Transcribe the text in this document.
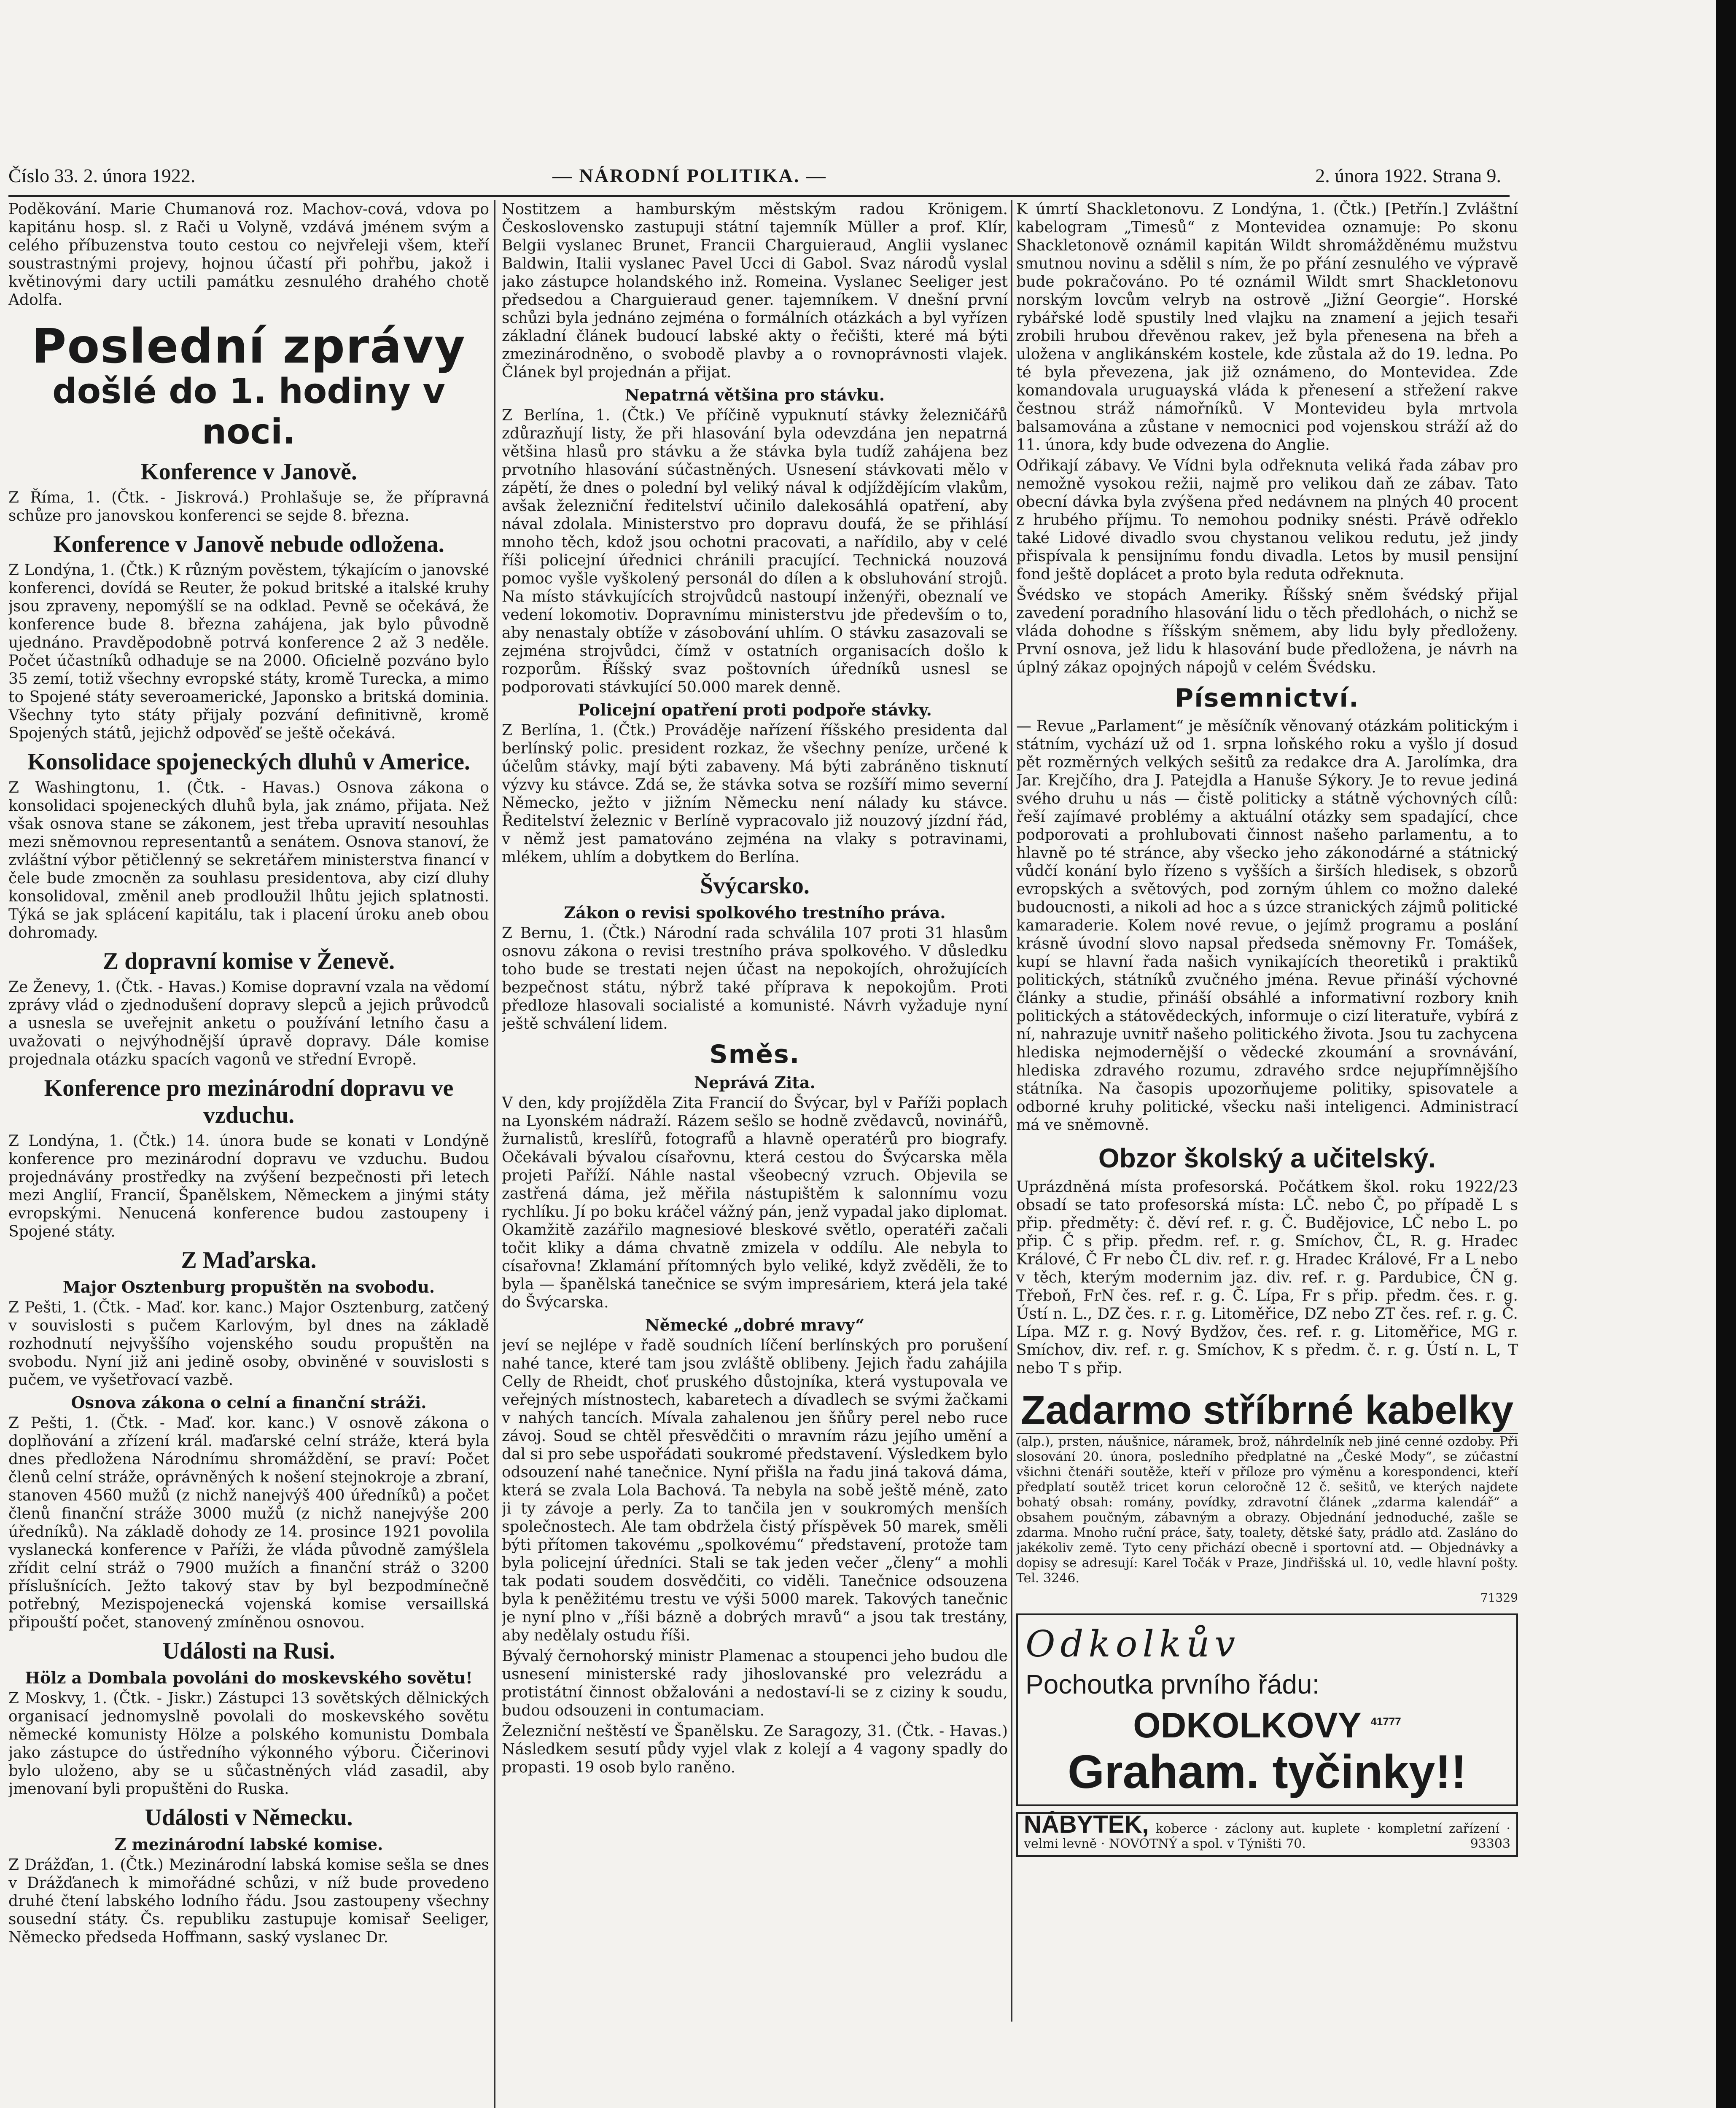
Číslo 33. 2. února 1922.	— NÁRODNÍ POLITIKA. —	2. února 1922. Strana 9.

Poděkování. Marie Chumanová roz. Machov-cová, vdova po kapitánu hosp. sl. z Rači u Volyně, vzdává jménem svým a celého příbuzenstva touto cestou co nejvřeleji všem, kteří soustrastnými projevy, hojnou účastí při pohřbu, jakož i květinovými dary uctili památku zesnulého drahého chotě Adolfa.

Poslední zprávy
došlé do 1. hodiny v noci.
Konference v Janově.

Z Říma, 1. (Čtk. - Jiskrová.) Prohlašuje se, že přípravná schůze pro janovskou konferenci se sejde 8. března.

Konference v Janově nebude odložena.

Z Londýna, 1. (Čtk.) K různým pověstem, týkajícím o janovské konferenci, dovídá se Reuter, že pokud britské a italské kruhy jsou zpraveny, nepomýšlí se na odklad. Pevně se očekává, že konference bude 8. března zahájena, jak bylo původně ujednáno. Pravděpodobně potrvá konference 2 až 3 neděle. Počet účastníků odhaduje se na 2000. Oficielně pozváno bylo 35 zemí, totiž všechny evropské státy, kromě Turecka, a mimo to Spojené státy severoamerické, Japonsko a britská dominia. Všechny tyto státy přijaly pozvání definitivně, kromě Spojených států, jejichž odpověď se ještě očekává.

Konsolidace spojeneckých dluhů v Americe.

Z Washingtonu, 1. (Čtk. - Havas.) Osnova zákona o konsolidaci spojeneckých dluhů byla, jak známo, přijata. Než však osnova stane se zákonem, jest třeba upravití nesouhlas mezi sněmovnou representantů a senátem. Osnova stanoví, že zvláštní výbor pětičlenný se sekretářem ministerstva financí v čele bude zmocněn za souhlasu presidentova, aby cizí dluhy konsolidoval, změnil aneb prodloužil lhůtu jejich splatnosti. Týká se jak splácení kapitálu, tak i placení úroku aneb obou dohromady.

Z dopravní komise v Ženevě.

Ze Ženevy, 1. (Čtk. - Havas.) Komise dopravní vzala na vědomí zprávy vlád o zjednodušení dopravy slepců a jejich průvodců a usnesla se uveřejnit anketu o používání letního času a uvažovati o nejvýhodnější úpravě dopravy. Dále komise projednala otázku spacích vagonů ve střední Evropě.

Konference pro mezinárodní dopravu ve vzduchu.

Z Londýna, 1. (Čtk.) 14. února bude se konati v Londýně konference pro mezinárodní dopravu ve vzduchu. Budou projednávány prostředky na zvýšení bezpečnosti při letech mezi Anglií, Francií, Španělskem, Německem a jinými státy evropskými. Nenucená konference budou zastoupeny i Spojené státy.

Z Maďarska.
Major Osztenburg propuštěn na svobodu.

Z Pešti, 1. (Čtk. - Maď. kor. kanc.) Major Osztenburg, zatčený v souvislosti s pučem Karlovým, byl dnes na základě rozhodnutí nejvyššího vojenského soudu propuštěn na svobodu. Nyní již ani jedině osoby, obviněné v souvislosti s pučem, ve vyšetřovací vazbě.

Osnova zákona o celní a finanční stráži.

Z Pešti, 1. (Čtk. - Maď. kor. kanc.) V osnově zákona o doplňování a zřízení král. maďarské celní stráže, která byla dnes předložena Národnímu shromáždění, se praví: Počet členů celní stráže, oprávněných k nošení stejnokroje a zbraní, stanoven 4560 mužů (z nichž nanejvýš 400 úředníků) a počet členů finanční stráže 3000 mužů (z nichž nanejvýše 200 úředníků). Na základě dohody ze 14. prosince 1921 povolila vyslanecká konference v Paříži, že vláda původně zamýšlela zřídit celní stráž o 7900 mužích a finanční stráž o 3200 příslušnících. Ježto takový stav by byl bezpodmínečně potřebný, Mezispojenecká vojenská komise versaillská připouští počet, stanovený zmíněnou osnovou.

Události na Rusi.
Hölz a Dombala povoláni do moskevského sovětu!

Z Moskvy, 1. (Čtk. - Jiskr.) Zástupci 13 sovětských dělnických organisací jednomyslně povolali do moskevského sovětu německé komunisty Hölze a polského komunistu Dombala jako zástupce do ústředního výkonného výboru. Čičerinovi bylo uloženo, aby se u sůčastněných vlád zasadil, aby jmenovaní byli propuštěni do Ruska.

Události v Německu.
Z mezinárodní labské komise.

Z Drážďan, 1. (Čtk.) Mezinárodní labská komise sešla se dnes v Drážďanech k mimořádné schůzi, v níž bude provedeno druhé čtení labského lodního řádu. Jsou zastoupeny všechny sousední státy. Čs. republiku zastupuje komisař Seeliger, Německo předseda Hoffmann, saský vyslanec Dr.

Nostitzem a hamburským městským radou Krönigem. Československo zastupuji státní tajemník Müller a prof. Klír, Belgii vyslanec Brunet, Francii Charguieraud, Anglii vyslanec Baldwin, Italii vyslanec Pavel Ucci di Gabol. Svaz národů vyslal jako zástupce holandského inž. Romeina. Vyslanec Seeliger jest předsedou a Charguieraud gener. tajemníkem. V dnešní první schůzi byla jednáno zejména o formálních otázkách a byl vyřízen základní článek budoucí labské akty o řečišti, které má býti zmezinárodněno, o svobodě plavby a o rovnoprávnosti vlajek. Článek byl projednán a přijat.

Nepatrná většina pro stávku.

Z Berlína, 1. (Čtk.) Ve příčině vypuknutí stávky železničářů zdůrazňují listy, že při hlasování byla odevzdána jen nepatrná většina hlasů pro stávku a že stávka byla tudíž zahájena bez prvotního hlasování súčastněných. Usnesení stávkovati mělo v zápětí, že dnes o polední byl veliký nával k odjíždějícím vlakům, avšak železniční ředitelství učinilo dalekosáhlá opatření, aby nával zdolala. Ministerstvo pro dopravu doufá, že se přihlásí mnoho těch, kdož jsou ochotni pracovati, a nařídilo, aby v celé říši policejní úřednici chránili pracující. Technická nouzová pomoc vyšle vyškolený personál do dílen a k obsluhování strojů. Na místo stávkujících strojvůdců nastoupí inženýři, obeznalí ve vedení lokomotiv. Dopravnímu ministerstvu jde především o to, aby nenastaly obtíže v zásobování uhlím. O stávku zasazovali se zejména strojvůdci, čímž v ostatních organisacích došlo k rozporům. Říšský svaz poštovních úředníků usnesl se podporovati stávkující 50.000 marek denně.

Policejní opatření proti podpoře stávky.

Z Berlína, 1. (Čtk.) Prováděje nařízení říšského presidenta dal berlínský polic. president rozkaz, že všechny peníze, určené k účelům stávky, mají býti zabaveny. Má býti zabráněno tisknutí výzvy ku stávce. Zdá se, že stávka sotva se rozšíří mimo severní Německo, ježto v jižním Německu není nálady ku stávce. Ředitelství železnic v Berlíně vypracovalo již nouzový jízdní řád, v němž jest pamatováno zejména na vlaky s potravinami, mlékem, uhlím a dobytkem do Berlína.

Švýcarsko.
Zákon o revisi spolkového trestního práva.

Z Bernu, 1. (Čtk.) Národní rada schválila 107 proti 31 hlasům osnovu zákona o revisi trestního práva spolkového. V důsledku toho bude se trestati nejen účast na nepokojích, ohrožujících bezpečnost státu, nýbrž také příprava k nepokojům. Proti předloze hlasovali socialisté a komunisté. Návrh vyžaduje nyní ještě schválení lidem.

Směs.
Neprává Zita.

V den, kdy projížděla Zita Francií do Švýcar, byl v Paříži poplach na Lyonském nádraží. Rázem sešlo se hodně zvědavců, novinářů, žurnalistů, kreslířů, fotografů a hlavně operatérů pro biografy. Očekávali bývalou císařovnu, která cestou do Švýcarska měla projeti Paříží. Náhle nastal všeobecný vzruch. Objevila se zastřená dáma, jež měřila nástupištěm k salonnímu vozu rychlíku. Jí po boku kráčel vážný pán, jenž vypadal jako diplomat. Okamžitě zazářilo magnesiové bleskové světlo, operatéři začali točit kliky a dáma chvatně zmizela v oddílu. Ale nebyla to císařovna! Zklamání přítomných bylo veliké, když zvěděli, že to byla — španělská tanečnice se svým impresáriem, která jela také do Švýcarska.

Německé „dobré mravy“

jeví se nejlépe v řadě soudních líčení berlínských pro porušení nahé tance, které tam jsou zvláště oblibeny. Jejich řadu zahájila Celly de Rheidt, choť pruského důstojníka, která vystupovala ve veřejných místnostech, kabaretech a dívadlech se svými žačkami v nahých tancích. Mívala zahalenou jen šňůry perel nebo ruce závoj. Soud se chtěl přesvědčiti o mravním rázu jejího umění a dal si pro sebe uspořádati soukromé představení. Výsledkem bylo odsouzení nahé tanečnice. Nyní přišla na řadu jiná taková dáma, která se zvala Lola Bachová. Ta nebyla na sobě ještě méně, zato ji ty závoje a perly. Za to tančila jen v soukromých menších společnostech. Ale tam obdržela čistý příspěvek 50 marek, směli býti přítomen takovému „spolkovému“ představení, protože tam byla policejní úředníci. Stali se tak jeden večer „členy“ a mohli tak podati soudem dosvědčiti, co viděli. Tanečnice odsouzena byla k peněžitému trestu ve výši 5000 marek. Takových tanečnic je nyní plno v „říši bázně a dobrých mravů“ a jsou tak trestány, aby nedělaly ostudu říši.

Bývalý černohorský ministr Plamenac a stoupenci jeho budou dle usnesení ministerské rady jihoslovanské pro velezrádu a protistátní činnost obžalováni a nedostaví-li se z ciziny k soudu, budou odsouzeni in contumaciam.

Železniční neštěstí ve Španělsku. Ze Saragozy, 31. (Čtk. - Havas.) Následkem sesutí půdy vyjel vlak z kolejí a 4 vagony spadly do propasti. 19 osob bylo raněno.

K úmrtí Shackletonovu. Z Londýna, 1. (Čtk.) [Petřín.] Zvláštní kabelogram „Timesů“ z Montevidea oznamuje: Po skonu Shackletonově oznámil kapitán Wildt shromážděnému mužstvu smutnou novinu a sdělil s ním, že po přání zesnulého ve výpravě bude pokračováno. Po té oznámil Wildt smrt Shackletonovu norským lovcům velryb na ostrově „Jižní Georgie“. Horské rybářské lodě spustily lned vlajku na znamení a jejich tesaři zrobili hrubou dřevěnou rakev, jež byla přenesena na břeh a uložena v anglikánském kostele, kde zůstala až do 19. ledna. Po té byla převezena, jak již oznámeno, do Montevidea. Zde komandovala uruguayská vláda k přenesení a střežení rakve čestnou stráž námořníků. V Montevideu byla mrtvola balsamována a zůstane v nemocnici pod vojenskou stráží až do 11. února, kdy bude odvezena do Anglie.

Odřikají zábavy. Ve Vídni byla odřeknuta veliká řada zábav pro nemožně vysokou režii, najmě pro velikou daň ze zábav. Tato obecní dávka byla zvýšena před nedávnem na plných 40 procent z hrubého příjmu. To nemohou podniky snésti. Právě odřeklo také Lidové divadlo svou chystanou velikou redutu, jež jindy přispívala k pensijnímu fondu divadla. Letos by musil pensijní fond ještě doplácet a proto byla reduta odřeknuta.

Švédsko ve stopách Ameriky. Říšský sněm švédský přijal zavedení poradního hlasování lidu o těch předlohách, o nichž se vláda dohodne s říšským sněmem, aby lidu byly předloženy. První osnova, jež lidu k hlasování bude předložena, je návrh na úplný zákaz opojných nápojů v celém Švédsku.

Písemnictví.

— Revue „Parlament“ je měsíčník věnovaný otázkám politickým i státním, vychází už od 1. srpna loňského roku a vyšlo jí dosud pět rozměrných velkých sešitů za redakce dra A. Jarolímka, dra Jar. Krejčího, dra J. Patejdla a Hanuše Sýkory. Je to revue jediná svého druhu u nás — čistě politicky a státně výchovných cílů: řeší zajímavé problémy a aktuální otázky sem spadající, chce podporovati a prohlubovati činnost našeho parlamentu, a to hlavně po té stránce, aby všecko jeho zákonodárné a státnický vůdčí konání bylo řízeno s vyšších a širších hledisek, s obzorů evropských a světových, pod zorným úhlem co možno daleké budoucnosti, a nikoli ad hoc a s úzce stranických zájmů politické kamaraderie. Kolem nové revue, o jejímž programu a poslání krásně úvodní slovo napsal předseda sněmovny Fr. Tomášek, kupí se hlavní řada našich vynikajících theoretiků i praktiků politických, státníků zvučného jména. Revue přináší výchovné články a studie, přináší obsáhlé a informativní rozbory knih politických a státovědeckých, informuje o cizí literatuře, vybírá z ní, nahrazuje uvnitř našeho politického života. Jsou tu zachycena hlediska nejmodernější o vědecké zkoumání a srovnávání, hlediska zdravého rozumu, zdravého srdce nejupřímnějšího státníka. Na časopis upozorňujeme politiky, spisovatele a odborné kruhy politické, všecku naši inteligenci. Administrací má ve sněmovně.

Obzor školský a učitelský.

Uprázdněná místa profesorská. Počátkem škol. roku 1922/23 obsadí se tato profesorská místa: LČ. nebo Č, po případě L s přip. předměty: č. děví ref. r. g. Č. Budějovice, LČ nebo L. po přip. Č s přip. předm. ref. r. g. Smíchov, ČL, R. g. Hradec Králové, Č Fr nebo ČL div. ref. r. g. Hradec Králové, Fr a L nebo v těch, kterým modernim jaz. div. ref. r. g. Pardubice, ČN g. Třeboň, FrN čes. ref. r. g. Č. Lípa, Fr s přip. předm. čes. r. g. Ústí n. L., DZ čes. r. r. g. Litoměřice, DZ nebo ZT čes. ref. r. g. Č. Lípa. MZ r. g. Nový Bydžov, čes. ref. r. g. Litoměřice, MG r. Smíchov, div. ref. r. g. Smíchov, K s předm. č. r. g. Ústí n. L, T nebo T s přip.

Zadarmo stříbrné kabelky

(alp.), prsten, náušnice, náramek, brož, náhrdelník neb jiné cenné ozdoby. Při slosování 20. února, posledního předplatné na „České Mody“, se zúčastní všichni čtenáři soutěže, kteří v příloze pro výměnu a korespondenci, kteří předplatí soutěž tricet korun celoročně 12 č. sešitů, ve kterých najdete bohatý obsah: romány, povídky, zdravotní článek „zdarma kalendář“ a obsahem poučným, zábavným a obrazy. Objednání jednoduché, zašle se zdarma. Mnoho ruční práce, šaty, toalety, dětské šaty, prádlo atd. Zasláno do jakékoliv země. Tyto ceny přichází obecně i sportovní atd. — Objednávky a dopisy se adresují: Karel Točák v Praze, Jindřišská ul. 10, vedle hlavní pošty. Tel. 3246.

71329
Odkolkův
Pochoutka prvního řádu:
ODKOLKOVY $^{41777}$
Graham. tyčinky!!
NÁBYTEK, koberce · záclony aut. kuplete · kompletní zařízení · velmi levně · NOVOTNÝ a spol. v Týništi 70.	93303
